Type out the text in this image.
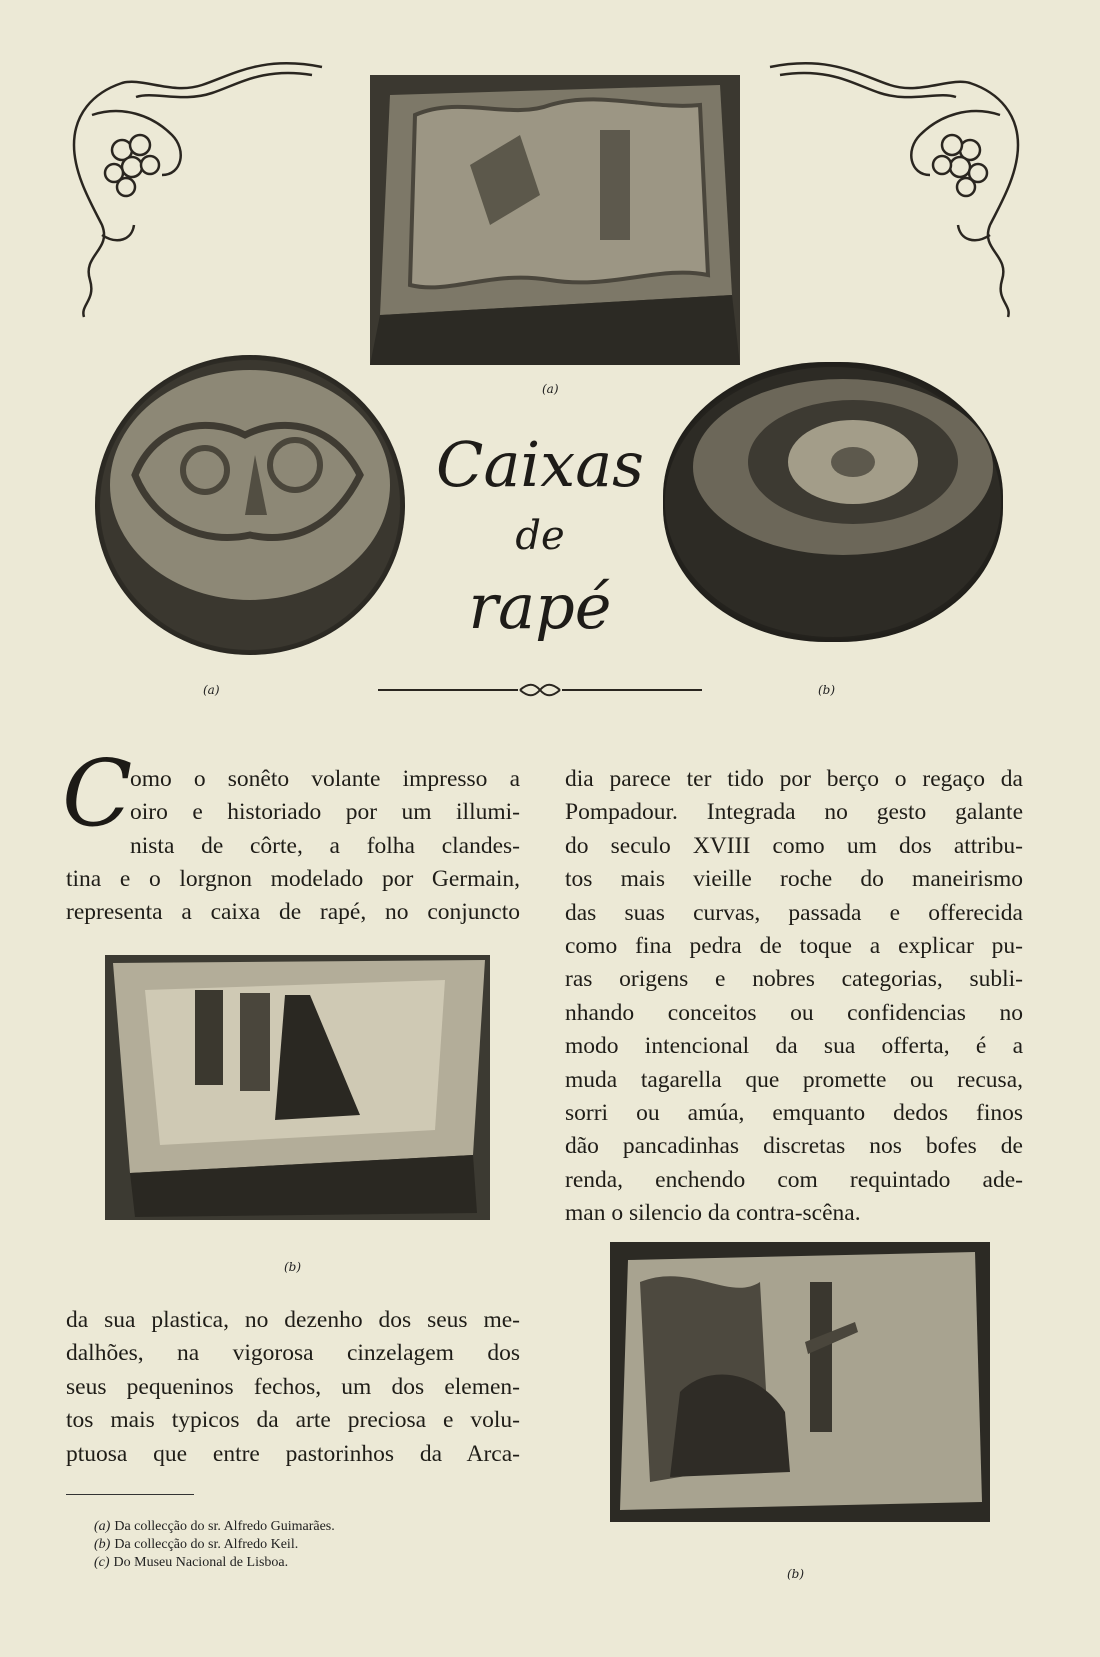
(a)
(a)
Caixas
de
rapé
(b)
C
omo o sonêto volante impresso a
oiro e historiado por um illumi-
nista de côrte, a folha clandes-
tina e o lorgnon modelado por Germain,
representa a caixa de rapé, no conjuncto
(b)
da sua plastica, no dezenho dos seus me-
dalhões, na vigorosa cinzelagem dos
seus pequeninos fechos, um dos elemen-
tos mais typicos da arte preciosa e volu-
ptuosa que entre pastorinhos da Arca-
(a) Da collecção do sr. Alfredo Guimarães.
(b) Da collecção do sr. Alfredo Keil.
(c) Do Museu Nacional de Lisboa.
dia parece ter tido por berço o regaço da
Pompadour. Integrada no gesto galante
do seculo XVIII como um dos attribu-
tos mais vieille roche do maneirismo
das suas curvas, passada e offerecida
como fina pedra de toque a explicar pu-
ras origens e nobres categorias, subli-
nhando conceitos ou confidencias no
modo intencional da sua offerta, é a
muda tagarella que promette ou recusa,
sorri ou amúa, emquanto dedos finos
dão pancadinhas discretas nos bofes de
renda, enchendo com requintado ade-
man o silencio da contra-scêna.
(b)
